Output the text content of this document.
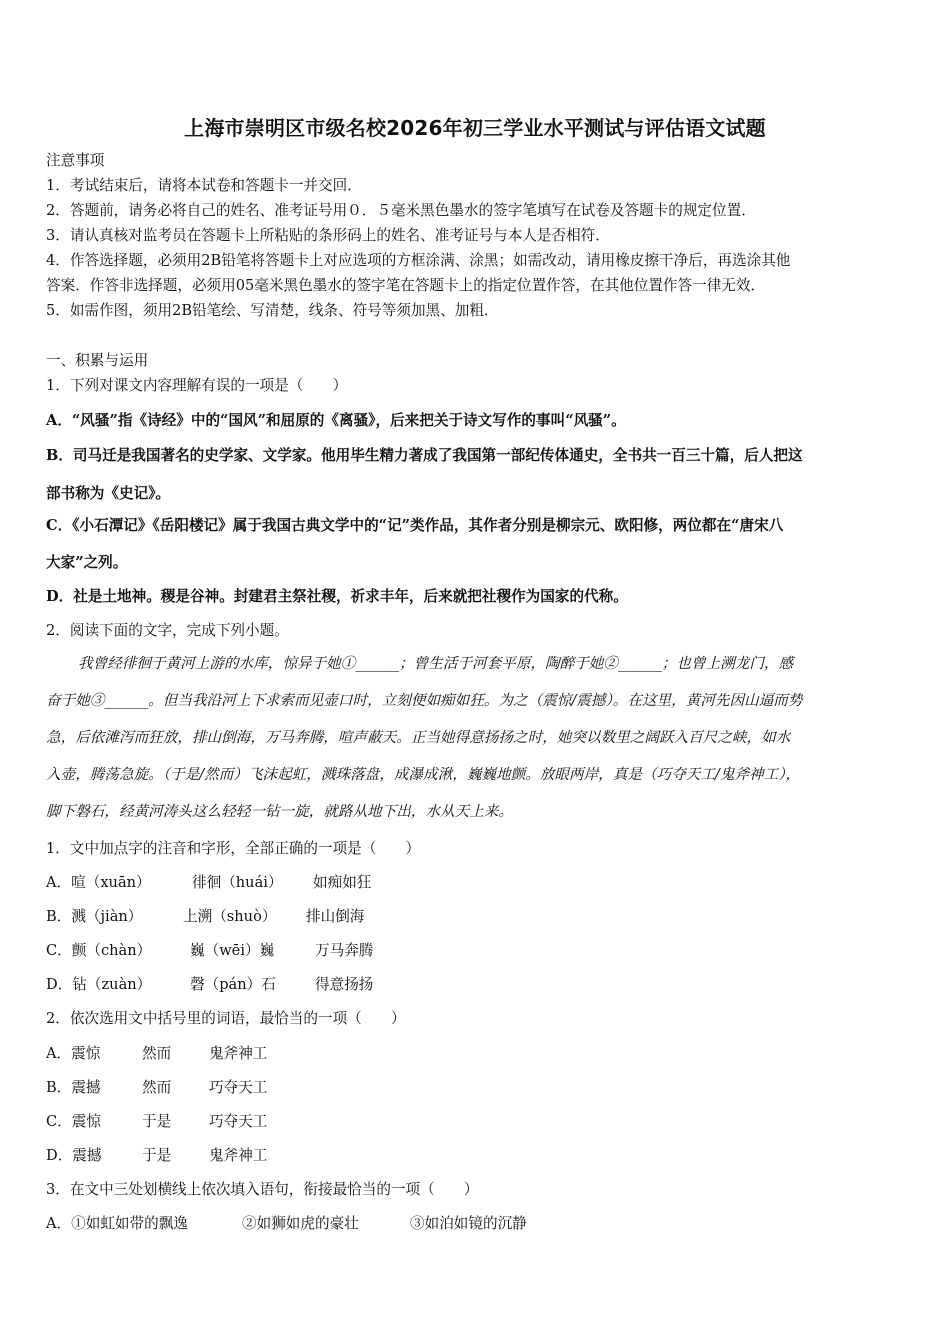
上海市崇明区市级名校2026年初三学业水平测试与评估语文试题
注意事项
1．考试结束后，请将本试卷和答题卡一并交回．
2．答题前，请务必将自己的姓名、准考证号用０．５毫米黑色墨水的签字笔填写在试卷及答题卡的规定位置．
3．请认真核对监考员在答题卡上所粘贴的条形码上的姓名、准考证号与本人是否相符．
4．作答选择题，必须用2B铅笔将答题卡上对应选项的方框涂满、涂黑；如需改动，请用橡皮擦干净后，再选涂其他
答案．作答非选择题，必须用05毫米黑色墨水的签字笔在答题卡上的指定位置作答，在其他位置作答一律无效．
5．如需作图，须用2B铅笔绘、写清楚，线条、符号等须加黑、加粗．
一、积累与运用
1．下列对课文内容理解有误的一项是（　　）
A．“风骚”指《诗经》中的“国风”和屈原的《离骚》，后来把关于诗文写作的事叫“风骚”。
B．司马迁是我国著名的史学家、文学家。他用毕生精力著成了我国第一部纪传体通史，全书共一百三十篇，后人把这
部书称为《史记》。
C．《小石潭记》《岳阳楼记》属于我国古典文学中的“记”类作品，其作者分别是柳宗元、欧阳修，两位都在“唐宋八
大家”之列。
D．社是土地神。稷是谷神。封建君主祭社稷，祈求丰年，后来就把社稷作为国家的代称。
2．阅读下面的文字，完成下列小题。
我曾经徘徊于黄河上游的水库，惊异于她①______；曾生活于河套平原，陶醉于她②______；也曾上溯龙门，感
奋于她③______。但当我沿河上下求索而见壶口时，立刻便如痴如狂。为之（震惊/震撼）。在这里，黄河先因山逼而势
急，后依滩泻而狂放，排山倒海，万马奔腾，喧声蔽天。正当她得意扬扬之时，她突以数里之阔跃入百尺之峡，如水
入壶，腾荡急旋。（于是/然而）飞沫起虹，溅珠落盘，成瀑成湫，巍巍地颤。放眼两岸，真是（巧夺天工/鬼斧神工），
脚下磐石，经黄河涛头这么轻轻一钻一旋，就路从地下出，水从天上来。
1．文中加点字的注音和字形，全部正确的一项是（　　）
A．喧（xuān）	徘徊（huái） 如痴如狂
B．溅（jiàn）	上溯（shuò） 排山倒海
C．颤（chàn）	巍（wēi）巍	万马奔腾
D．钻（zuàn）	磬（pán）石	得意扬扬
2．依次选用文中括号里的词语，最恰当的一项（　　）
A．震惊	然而	鬼斧神工
B．震撼	然而	巧夺天工
C．震惊	于是	巧夺天工
D．震撼	于是	鬼斧神工
3．在文中三处划横线上依次填入语句，衔接最恰当的一项（　　）
A．①如虹如带的飘逸	②如狮如虎的豪壮	③如泊如镜的沉静
